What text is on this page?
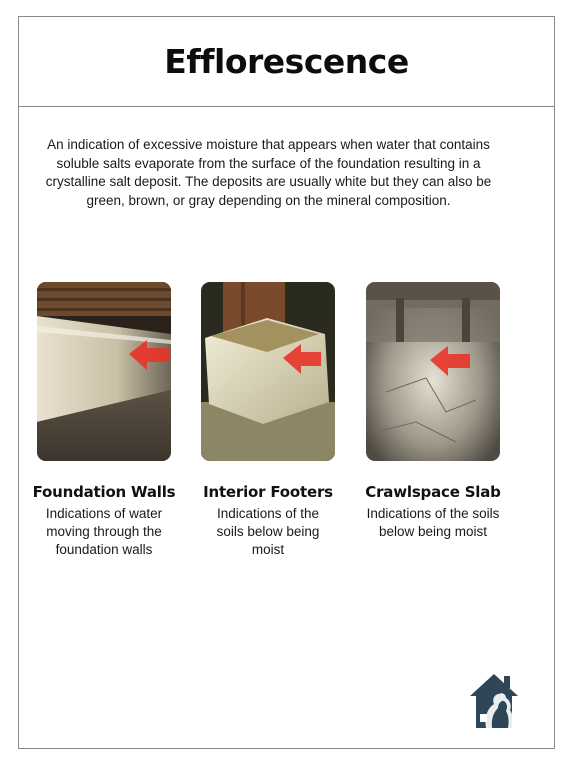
Efflorescence

An indication of excessive moisture that appears when water that contains soluble salts evaporate from the surface of the foundation resulting in a crystalline salt deposit. The deposits are usually white but they can also be green, brown, or gray depending on the mineral composition.

Foundation Walls
Indications of water moving through the foundation walls
Interior Footers
Indications of the soils below being moist
Crawlspace Slab
Indications of the soils below being moist
